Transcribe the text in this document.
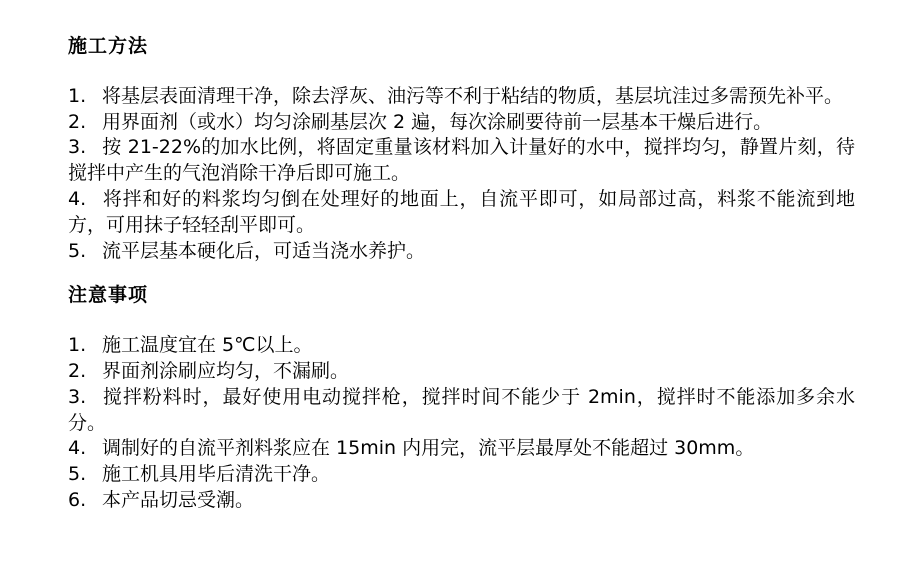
施工方法

1. 将基层表面清理干净，除去浮灰、油污等不利于粘结的物质，基层坑洼过多需预先补平。

2. 用界面剂（或水）均匀涂刷基层次 2 遍，每次涂刷要待前一层基本干燥后进行。

3. 按 21-22%的加水比例，将固定重量该材料加入计量好的水中，搅拌均匀，静置片刻，待搅拌中产生的气泡消除干净后即可施工。

4. 将拌和好的料浆均匀倒在处理好的地面上，自流平即可，如局部过高，料浆不能流到地方，可用抹子轻轻刮平即可。

5. 流平层基本硬化后，可适当浇水养护。

注意事项

1. 施工温度宜在 5℃以上。

2. 界面剂涂刷应均匀，不漏刷。

3. 搅拌粉料时，最好使用电动搅拌枪，搅拌时间不能少于 2min，搅拌时不能添加多余水分。

4. 调制好的自流平剂料浆应在 15min 内用完，流平层最厚处不能超过 30mm。

5. 施工机具用毕后清洗干净。

6. 本产品切忌受潮。
